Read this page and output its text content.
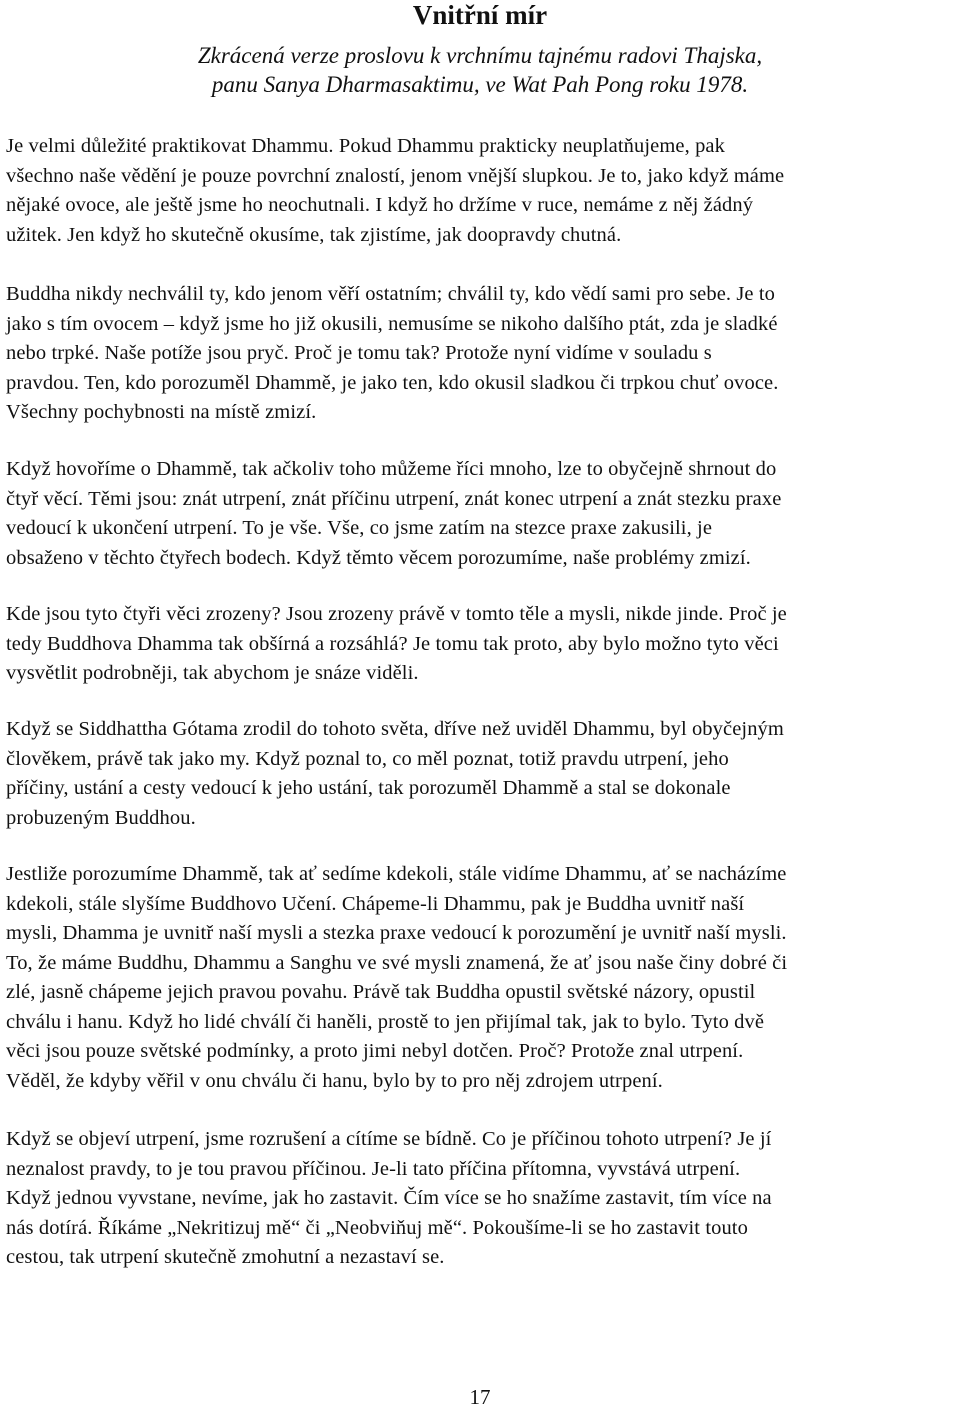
Vnitřní mír
Zkrácená verze proslovu k vrchnímu tajnému radovi Thajska,
panu Sanya Dharmasaktimu, ve Wat Pah Pong roku 1978.

Je velmi důležité praktikovat Dhammu. Pokud Dhammu prakticky neuplatňujeme, pak
všechno naše vědění je pouze povrchní znalostí, jenom vnější slupkou. Je to, jako když máme
nějaké ovoce, ale ještě jsme ho neochutnali. I když ho držíme v ruce, nemáme z něj žádný
užitek. Jen když ho skutečně okusíme, tak zjistíme, jak doopravdy chutná.

Buddha nikdy nechválil ty, kdo jenom věří ostatním; chválil ty, kdo vědí sami pro sebe. Je to
jako s tím ovocem – když jsme ho již okusili, nemusíme se nikoho dalšího ptát, zda je sladké
nebo trpké. Naše potíže jsou pryč. Proč je tomu tak? Protože nyní vidíme v souladu s
pravdou. Ten, kdo porozuměl Dhammě, je jako ten, kdo okusil sladkou či trpkou chuť ovoce.
Všechny pochybnosti na místě zmizí.

Když hovoříme o Dhammě, tak ačkoliv toho můžeme říci mnoho, lze to obyčejně shrnout do
čtyř věcí. Těmi jsou: znát utrpení, znát příčinu utrpení, znát konec utrpení a znát stezku praxe
vedoucí k ukončení utrpení. To je vše. Vše, co jsme zatím na stezce praxe zakusili, je
obsaženo v těchto čtyřech bodech. Když těmto věcem porozumíme, naše problémy zmizí.

Kde jsou tyto čtyři věci zrozeny? Jsou zrozeny právě v tomto těle a mysli, nikde jinde. Proč je
tedy Buddhova Dhamma tak obšírná a rozsáhlá? Je tomu tak proto, aby bylo možno tyto věci
vysvětlit podrobněji, tak abychom je snáze viděli.

Když se Siddhattha Gótama zrodil do tohoto světa, dříve než uviděl Dhammu, byl obyčejným
člověkem, právě tak jako my. Když poznal to, co měl poznat, totiž pravdu utrpení, jeho
příčiny, ustání a cesty vedoucí k jeho ustání, tak porozuměl Dhammě a stal se dokonale
probuzeným Buddhou.

Jestliže porozumíme Dhammě, tak ať sedíme kdekoli, stále vidíme Dhammu, ať se nacházíme
kdekoli, stále slyšíme Buddhovo Učení. Chápeme-li Dhammu, pak je Buddha uvnitř naší
mysli, Dhamma je uvnitř naší mysli a stezka praxe vedoucí k porozumění je uvnitř naší mysli.
To, že máme Buddhu, Dhammu a Sanghu ve své mysli znamená, že ať jsou naše činy dobré či
zlé, jasně chápeme jejich pravou povahu. Právě tak Buddha opustil světské názory, opustil
chválu i hanu. Když ho lidé chválí či haněli, prostě to jen přijímal tak, jak to bylo. Tyto dvě
věci jsou pouze světské podmínky, a proto jimi nebyl dotčen. Proč? Protože znal utrpení.
Věděl, že kdyby věřil v onu chválu či hanu, bylo by to pro něj zdrojem utrpení.

Když se objeví utrpení, jsme rozrušení a cítíme se bídně. Co je příčinou tohoto utrpení? Je jí
neznalost pravdy, to je tou pravou příčinou. Je-li tato příčina přítomna, vyvstává utrpení.
Když jednou vyvstane, nevíme, jak ho zastavit. Čím více se ho snažíme zastavit, tím více na
nás dotírá. Říkáme „Nekritizuj mě“ či „Neobviňuj mě“. Pokoušíme-li se ho zastavit touto
cestou, tak utrpení skutečně zmohutní a nezastaví se.

17
